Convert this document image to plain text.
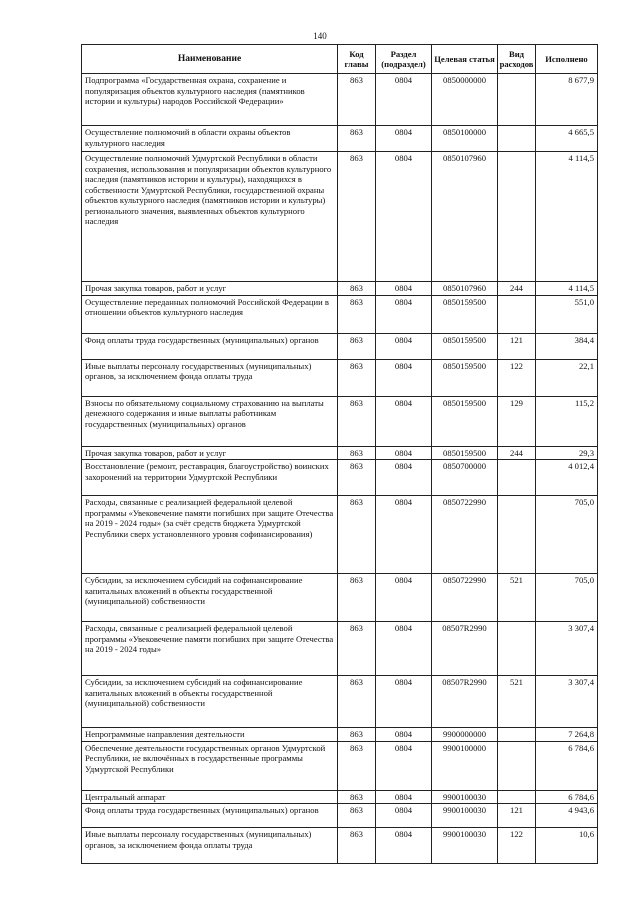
140
Наименование	Код главы	Раздел (подраздел)	Целевая статья	Вид расходов	Исполнено
Подпрограмма «Государственная охрана, сохранение и популяризация объектов культурного наследия (памятников истории и культуры) народов Российской Федерации»	863	0804	0850000000		8 677,9
Осуществление полномочий в области охраны объектов культурного наследия	863	0804	0850100000		4 665,5
Осуществление полномочий Удмуртской Республики в области сохранения, использования и популяризации объектов культурного наследия (памятников истории и культуры), находящихся в собственности Удмуртской Республики, государственной охраны объектов культурного наследия (памятников истории и культуры) регионального значения, выявленных объектов культурного наследия	863	0804	0850107960		4 114,5
Прочая закупка товаров, работ и услуг	863	0804	0850107960	244	4 114,5
Осуществление переданных полномочий Российской Федерации в отношении объектов культурного наследия	863	0804	0850159500		551,0
Фонд оплаты труда государственных (муниципальных) органов	863	0804	0850159500	121	384,4
Иные выплаты персоналу государственных (муниципальных) органов, за исключением фонда оплаты труда	863	0804	0850159500	122	22,1
Взносы по обязательному социальному страхованию на выплаты денежного содержания и иные выплаты работникам государственных (муниципальных) органов	863	0804	0850159500	129	115,2
Прочая закупка товаров, работ и услуг	863	0804	0850159500	244	29,3
Восстановление (ремонт, реставрация, благоустройство) воинских захоронений на территории Удмуртской Республики	863	0804	0850700000		4 012,4
Расходы, связанные с реализацией федеральной целевой программы «Увековечение памяти погибших при защите Отечества на 2019 - 2024 годы» (за счёт средств бюджета Удмуртской Республики сверх установленного уровня софинансирования)	863	0804	0850722990		705,0
Субсидии, за исключением субсидий на софинансирование капитальных вложений в объекты государственной (муниципальной) собственности	863	0804	0850722990	521	705,0
Расходы, связанные с реализацией федеральной целевой программы «Увековечение памяти погибших при защите Отечества на 2019 - 2024 годы»	863	0804	08507R2990		3 307,4
Субсидии, за исключением субсидий на софинансирование капитальных вложений в объекты государственной (муниципальной) собственности	863	0804	08507R2990	521	3 307,4
Непрограммные направления деятельности	863	0804	9900000000		7 264,8
Обеспечение деятельности государственных органов Удмуртской Республики, не включённых в государственные программы Удмуртской Республики	863	0804	9900100000		6 784,6
Центральный аппарат	863	0804	9900100030		6 784,6
Фонд оплаты труда государственных (муниципальных) органов	863	0804	9900100030	121	4 943,6
Иные выплаты персоналу государственных (муниципальных) органов, за исключением фонда оплаты труда	863	0804	9900100030	122	10,6
